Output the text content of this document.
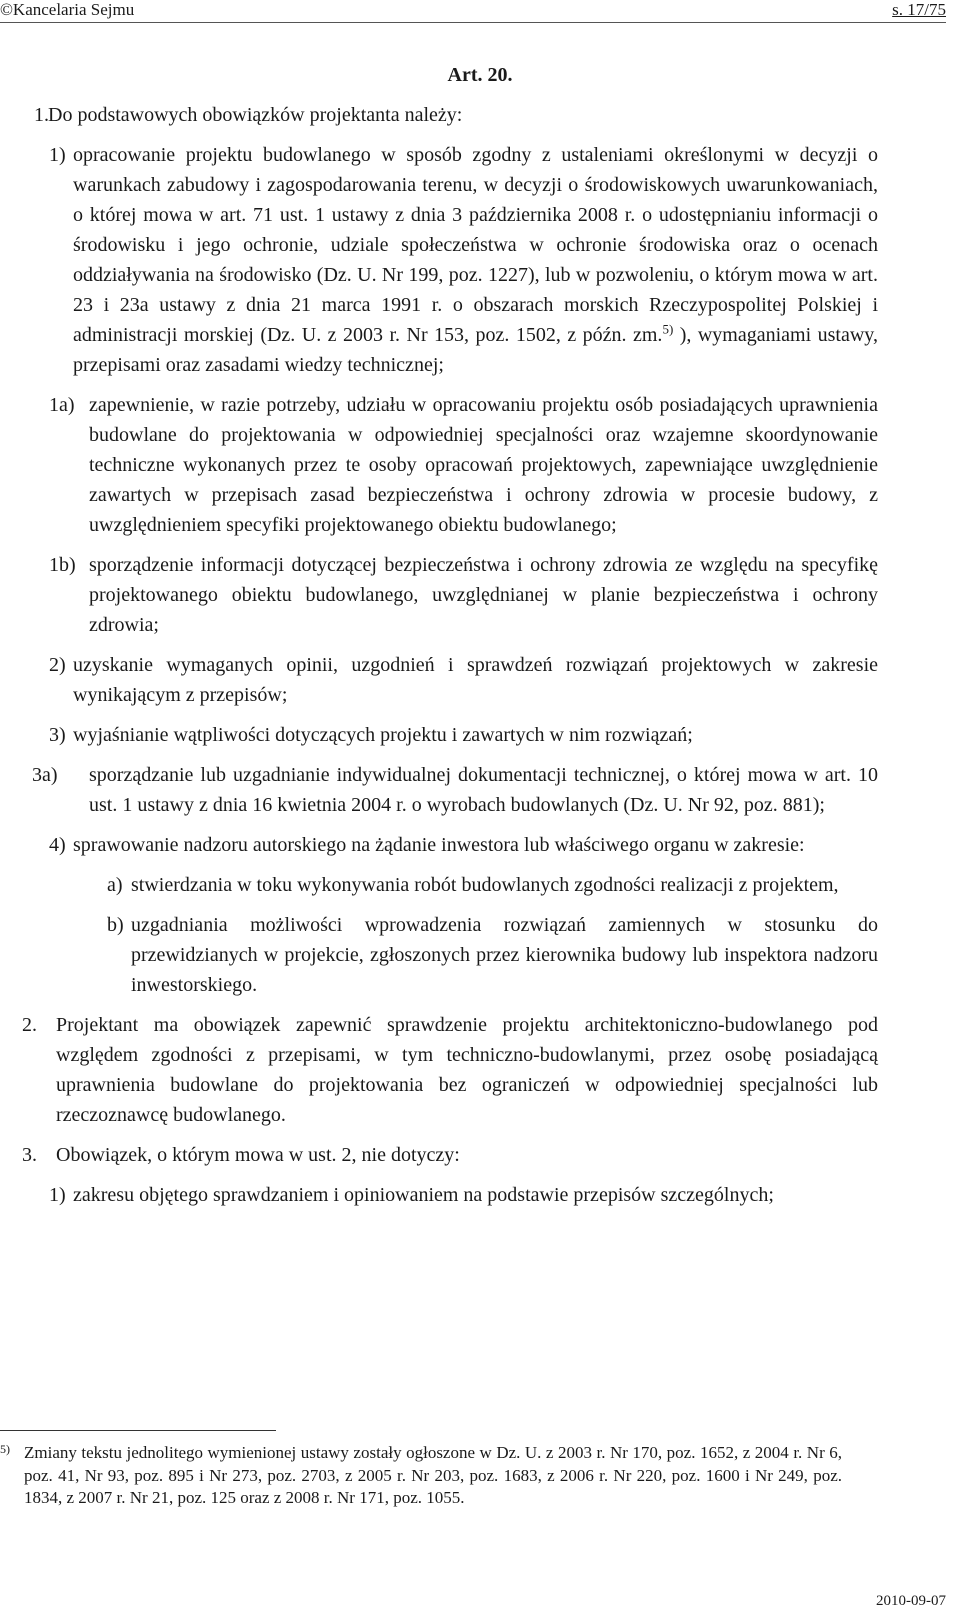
©Kancelaria Sejmu	s. 17/75
Art. 20.
1. Do podstawowych obowiązków projektanta należy:
1) opracowanie projektu budowlanego w sposób zgodny z ustaleniami określonymi w decyzji o warunkach zabudowy i zagospodarowania terenu, w decyzji o środowiskowych uwarunkowaniach, o której mowa w art. 71 ust. 1 ustawy z dnia 3 października 2008 r. o udostępnianiu informacji o środowisku i jego ochronie, udziale społeczeństwa w ochronie środowiska oraz o ocenach oddziaływania na środowisko (Dz. U. Nr 199, poz. 1227), lub w pozwoleniu, o którym mowa w art. 23 i 23a ustawy z dnia 21 marca 1991 r. o obszarach morskich Rzeczypospolitej Polskiej i administracji morskiej (Dz. U. z 2003 r. Nr 153, poz. 1502, z późn. zm.$^{5)}$ ), wymaganiami ustawy, przepisami oraz zasadami wiedzy technicznej;
1a) zapewnienie, w razie potrzeby, udziału w opracowaniu projektu osób posiadających uprawnienia budowlane do projektowania w odpowiedniej specjalności oraz wzajemne skoordynowanie techniczne wykonanych przez te osoby opracowań projektowych, zapewniające uwzględnienie zawartych w przepisach zasad bezpieczeństwa i ochrony zdrowia w procesie budowy, z uwzględnieniem specyfiki projektowanego obiektu budowlanego;
1b) sporządzenie informacji dotyczącej bezpieczeństwa i ochrony zdrowia ze względu na specyfikę projektowanego obiektu budowlanego, uwzględnianej w planie bezpieczeństwa i ochrony zdrowia;
2) uzyskanie wymaganych opinii, uzgodnień i sprawdzeń rozwiązań projektowych w zakresie wynikającym z przepisów;
3) wyjaśnianie wątpliwości dotyczących projektu i zawartych w nim rozwiązań;
3a)	sporządzanie lub uzgadnianie indywidualnej dokumentacji technicznej, o której mowa w art. 10 ust. 1 ustawy z dnia 16 kwietnia 2004 r. o wyrobach budowlanych (Dz. U. Nr 92, poz. 881);
4) sprawowanie nadzoru autorskiego na żądanie inwestora lub właściwego organu w zakresie:
a) stwierdzania w toku wykonywania robót budowlanych zgodności realizacji z projektem,
b) uzgadniania możliwości wprowadzenia rozwiązań zamiennych w stosunku do przewidzianych w projekcie, zgłoszonych przez kierownika budowy lub inspektora nadzoru inwestorskiego.
2. Projektant ma obowiązek zapewnić sprawdzenie projektu architektoniczno-budowlanego pod względem zgodności z przepisami, w tym techniczno-budowlanymi, przez osobę posiadającą uprawnienia budowlane do projektowania bez ograniczeń w odpowiedniej specjalności lub rzeczoznawcę budowlanego.
3. Obowiązek, o którym mowa w ust. 2, nie dotyczy:
1) zakresu objętego sprawdzaniem i opiniowaniem na podstawie przepisów szczególnych;
5) Zmiany tekstu jednolitego wymienionej ustawy zostały ogłoszone w Dz. U. z 2003 r. Nr 170, poz. 1652, z 2004 r. Nr 6, poz. 41, Nr 93, poz. 895 i Nr 273, poz. 2703, z 2005 r. Nr 203, poz. 1683, z 2006 r. Nr 220, poz. 1600 i Nr 249, poz. 1834, z 2007 r. Nr 21, poz. 125 oraz z 2008 r. Nr 171, poz. 1055.
2010-09-07
